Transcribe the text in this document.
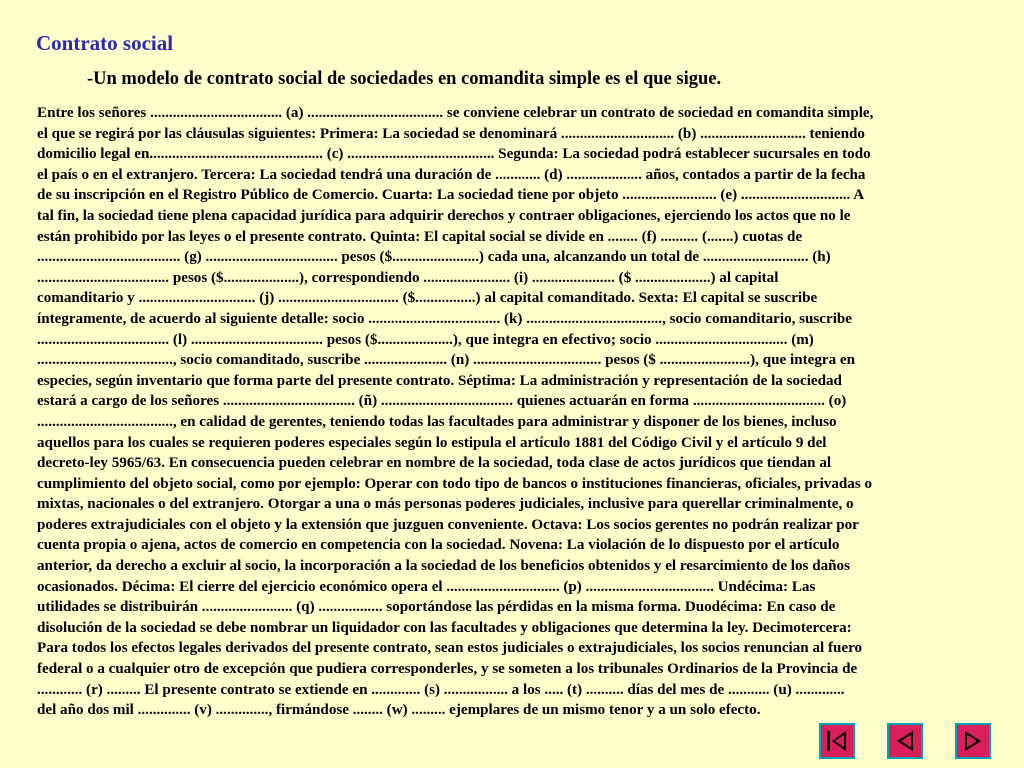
Contrato social
-Un modelo de contrato social de sociedades en comandita simple es el que sigue.

Entre los señores ................................... (a) .................................... se conviene celebrar un contrato de sociedad en comandita simple,
el que se regirá por las cláusulas siguientes: Primera: La sociedad se denominará .............................. (b) ............................ teniendo
domicilio legal en.............................................. (c) ....................................... Segunda: La sociedad podrá establecer sucursales en todo
el país o en el extranjero. Tercera: La sociedad tendrá una duración de ............ (d) .................... años, contados a partir de la fecha
de su inscripción en el Registro Público de Comercio. Cuarta: La sociedad tiene por objeto ......................... (e) ............................. A
tal fin, la sociedad tiene plena capacidad jurídica para adquirir derechos y contraer obligaciones, ejerciendo los actos que no le
están prohibido por las leyes o el presente contrato. Quinta: El capital social se divide en ........ (f) .......... (.......) cuotas de
...................................... (g) ................................... pesos ($.......................) cada una, alcanzando un total de ............................ (h)
................................... pesos ($....................), correspondiendo ....................... (i) ...................... ($ ....................) al capital
comanditario y ............................... (j) ................................ ($................) al capital comanditado. Sexta: El capital se suscribe
íntegramente, de acuerdo al siguiente detalle: socio ................................... (k) ...................................., socio comanditario, suscribe
................................... (l) ................................... pesos ($....................), que integra en efectivo; socio ................................... (m)
...................................., socio comanditado, suscribe ...................... (n) .................................. pesos ($ ........................), que integra en
especies, según inventario que forma parte del presente contrato. Séptima: La administración y representación de la sociedad
estará a cargo de los señores ................................... (ñ) ................................... quienes actuarán en forma ................................... (o)
...................................., en calidad de gerentes, teniendo todas las facultades para administrar y disponer de los bienes, incluso
aquellos para los cuales se requieren poderes especiales según lo estipula el artículo 1881 del Código Civil y el artículo 9 del
decreto-ley 5965/63. En consecuencia pueden celebrar en nombre de la sociedad, toda clase de actos jurídicos que tiendan al
cumplimiento del objeto social, como por ejemplo: Operar con todo tipo de bancos o instituciones financieras, oficiales, privadas o
mixtas, nacionales o del extranjero. Otorgar a una o más personas poderes judiciales, inclusive para querellar criminalmente, o
poderes extrajudiciales con el objeto y la extensión que juzguen conveniente. Octava: Los socios gerentes no podrán realizar por
cuenta propia o ajena, actos de comercio en competencia con la sociedad. Novena: La violación de lo dispuesto por el artículo
anterior, da derecho a excluir al socio, la incorporación a la sociedad de los beneficios obtenidos y el resarcimiento de los daños
ocasionados. Décima: El cierre del ejercicio económico opera el .............................. (p) .................................. Undécima: Las
utilidades se distribuirán ........................ (q) ................. soportándose las pérdidas en la misma forma. Duodécima: En caso de
disolución de la sociedad se debe nombrar un liquidador con las facultades y obligaciones que determina la ley. Decimotercera:
Para todos los efectos legales derivados del presente contrato, sean estos judiciales o extrajudiciales, los socios renuncian al fuero
federal o a cualquier otro de excepción que pudiera corresponderles, y se someten a los tribunales Ordinarios de la Provincia de
............ (r) ......... El presente contrato se extiende en ............. (s) ................. a los ..... (t) .......... días del mes de ........... (u) .............
del año dos mil .............. (v) .............., firmándose ........ (w) ......... ejemplares de un mismo tenor y a un solo efecto.
